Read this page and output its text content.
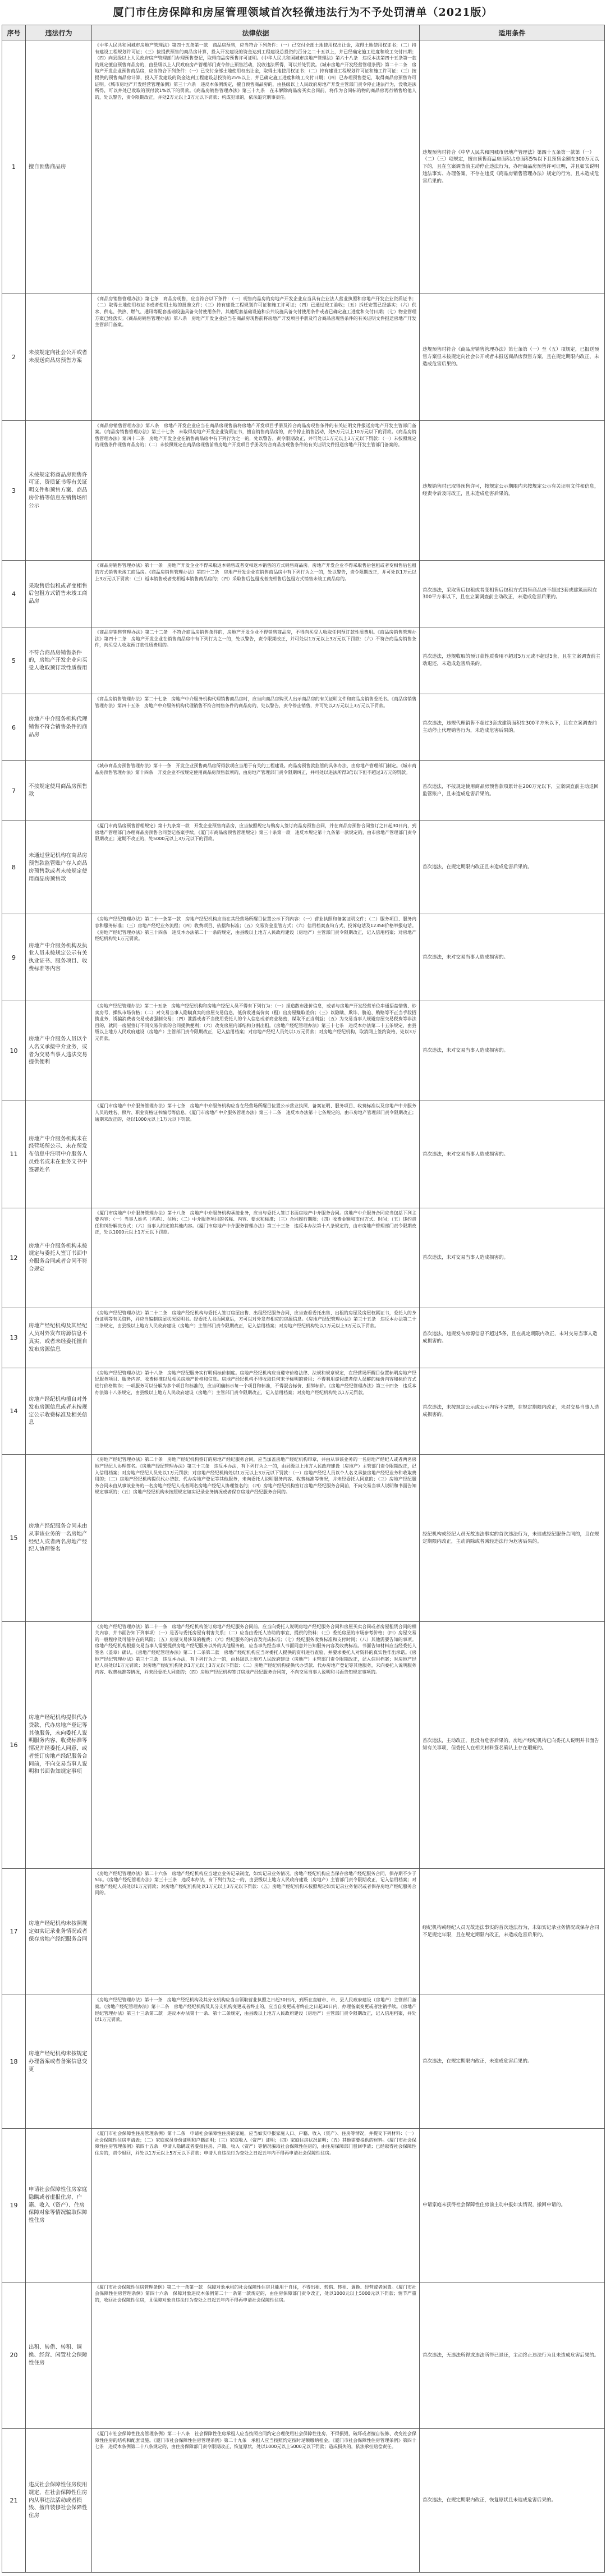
厦门市住房保障和房屋管理领域首次轻微违法行为不予处罚清单（2021版）
序号	违法行为	法律依据	适用条件
1	擅自预售商品房	《中华人民共和国城市房地产管理法》第四十五条第一款　商品房预售，应当符合下列条件：（一）已交付全部土地使用权出让金，取得土地使用权证书；（二）持有建设工程规划许可证；（三）按提供预售的商品房计算，投入开发建设的资金达到工程建设总投资的百分之二十五以上，并已经确定施工进度和竣工交付日期；（四）向县级以上人民政府房产管理部门办理预售登记，取得商品房预售许可证明。《中华人民共和国城市房地产管理法》第六十八条　违反本法第四十五条第一款的规定擅自预售商品房的，由县级以上人民政府房产管理部门责令停止预售活动，没收违法所得，可以并处罚款。《城市房地产开发经营管理条例》第二十二条　房地产开发企业预售商品房，应当符合下列条件：（一）已交付全部土地使用权出让金，取得土地使用权证书；（二）持有建设工程规划许可证和施工许可证；（三）按提供的预售商品房计算，投入开发建设的资金达到工程建设总投资的25%以上，并已确定施工进度和竣工交付日期；（四）已办理预售登记，取得商品房预售许可证明。《城市房地产开发经营管理条例》第三十六条　违反本条例规定，擅自预售商品房的，由县级以上人民政府房地产开发主管部门责令停止违法行为，没收违法所得，可以并处已收取的预付款1%以下的罚款。《商品房销售管理办法》第三十九条　在未解除商品房买卖合同前，将作为合同标的物的商品房再行销售给他人的，处以警告，责令限期改正，并处2万元以上3万元以下罚款；构成犯罪的，依法追究刑事责任。	违规预售时符合《中华人民共和国城市房地产管理法》第四十五条第一款第（一）（二）（三）项规定，擅自预售商品房面积占总面积5%以下且预售金额在300万元以下的，且在立案调查前主动停止违法行为，办理商品房预售许可证明，并且如实说明违法事实、办理备案，不存在违反《商品房销售管理办法》规定的行为，且未造成危害后果的。
2	未按规定向社会公开或者未报送商品房预售方案	《商品房销售管理办法》第七条　商品房现售，应当符合以下条件：（一）现售商品房的房地产开发企业应当具有企业法人营业执照和房地产开发企业资质证书；（二）取得土地使用权证书或者使用土地的批准文件；（三）持有建设工程规划许可证和施工许可证；（四）已通过竣工验收；（五）拆迁安置已经落实；（六）供水、供电、供热、燃气、通讯等配套基础设施具备交付使用条件，其他配套基础设施和公共设施具备交付使用条件或者已确定施工进度和交付日期；（七）物业管理方案已经落实。《商品房销售管理办法》第八条　房地产开发企业应当在商品房现售前将房地产开发项目手册及符合商品房现售条件的有关证明文件报送房地产开发主管部门备案。	违规预售时符合《商品房销售管理办法》第七条第（一）至（五）项规定，已报送预售方案但未按规定向社会公开或者未报送商品房预售方案，且在规定期限内改正，未造成危害后果的。
3	未按规定将商品房预售许可证、资质证书等有关证明文件和预售方案、商品房价格等信息在销售场所公示	《商品房销售管理办法》第八条　房地产开发企业应当在商品房现售前将房地产开发项目手册及符合商品房现售条件的有关证明文件报送房地产开发主管部门备案。《商品房销售管理办法》第三十七条　未取得房地产开发企业资质证书，擅自销售商品房的，责令停止销售活动，处5万元以上10万元以下的罚款。《商品房销售管理办法》第四十二条　房地产开发企业在销售商品房中有下列行为之一的，处以警告，责令限期改正，并可处以1万元以上3万元以下罚款：（一）未按照规定的现售条件现售商品房的；（二）未按照规定在商品房现售前将房地产开发项目手册及符合商品房现售条件的有关证明文件报送房地产开发主管部门备案的。	违规销售时已取得预售许可，按规定公示期限内未按规定公示有关证明文件和信息，经责令后及时改正，且未造成危害后果的。
4	采取售后包租或者变相售后包租方式销售未竣工商品房	《商品房销售管理办法》第十一条　房地产开发企业不得采取返本销售或者变相返本销售的方式销售商品房。房地产开发企业不得采取售后包租或者变相售后包租的方式销售未竣工商品房。《商品房销售管理办法》第四十二条　房地产开发企业在销售商品房中有下列行为之一的，处以警告，责令限期改正，并可处以1万元以上3万元以下罚款：（三）返本销售或者变相返本销售商品房的；（四）采取售后包租或者变相售后包租方式销售未竣工商品房的。	首次违法，采取售后包租或者变相售后包租方式销售商品房不超过3套或建筑面积在300平方米以下，且在立案调查前主动改正，未造成危害后果的。
5	不符合商品房销售条件的，房地产开发企业向买受人收取预订款性质费用	《商品房销售管理办法》第二十二条　不符合商品房销售条件的，房地产开发企业不得销售商品房，不得向买受人收取任何预订款性质费用。《商品房销售管理办法》第四十二条　房地产开发企业在销售商品房中有下列行为之一的，处以警告，责令限期改正，并可处以1万元以上3万元以下罚款：（六）不符合商品房销售条件，向买受人收取预订款性质费用的。	首次违法，违规收取的预订款性质费用不超过5万元或不超过5套，且在立案调查前主动退还，未造成危害后果的。
6	房地产中介服务机构代理销售不符合销售条件的商品房	《商品房销售管理办法》第二十七条　房地产中介服务机构代理销售商品房时，应当向商品房购买人出示商品房的有关证明文件和商品房销售委托书。《商品房销售管理办法》第四十五条　房地产中介服务机构代理销售不符合销售条件的商品房的，处以警告，责令停止销售，并可处以2万元以上3万元以下罚款。	首次违法，违规代理销售不超过3套或建筑面积在300平方米以下，且在立案调查前主动停止代理销售行为，未造成危害后果的。
7	不按规定使用商品房预售款	《城市商品房预售管理办法》第十一条　开发企业预售商品房所得款项应当用于有关的工程建设。商品房预售款监管的具体办法，由房地产管理部门制定。《城市商品房预售管理办法》第十四条　开发企业不按规定使用商品房预售款项的，由房地产管理部门责令限期纠正，并可处以违法所得3倍以下但不超过3万元的罚款。	首次违法，不按规定使用商品房预售款项累计在200万元以下，立案调查前主动退回监管账户，且未造成危害后果的。
8	未通过登记机构在商品房预售款监管账户存入商品房预售款或者未按规定使用商品房预售款	《厦门市商品房预售管理规定》第十九条第一款　开发企业预售商品房，应当按照规定与购房人签订商品房预售合同，并在商品房预售合同签订之日起30日内，到房地产管理部门办理商品房预售合同登记备案手续。《厦门市商品房预售管理规定》第三十条第一款　违反本规定第十九条第一款规定的，由市房地产管理部门责令限期改正；逾期不改正的，处5000元以上3万元以下的罚款。	首次违法，在规定期限内改正且未造成危害后果的。
9	房地产中介服务机构及执业人员未按规定公示有关执业证书、服务项目、收费标准等内容	《房地产经纪管理办法》第二十一条第一款　房地产经纪机构应当在其经营场所醒目位置公示下列内容：（一）营业执照和备案证明文件；（二）服务项目、服务内容和服务标准；（三）房地产经纪业务流程；（四）收费项目、依据和标准；（五）交易资金监管方式；（六）信用档案查询方式、投诉电话及12358价格举报电话。《房地产经纪管理办法》第三十四条　违反本办法第二十一条的规定，由县级以上地方人民政府建设（房地产）主管部门责令限期改正，记入信用档案；对房地产经纪机构处1万元罚款。	首次违法，未对交易当事人造成损害的。
10	房地产中介服务人员以个人名义承接中介业务，或者为交易当事人违法交易提供便利	《房地产经纪管理办法》第二十五条　房地产经纪机构和房地产经纪人员不得有下列行为：（一）捏造散布涨价信息，或者与房地产开发经营单位串通捂盘惜售、炒卖房号，操纵市场价格；（二）对交易当事人隐瞒真实的房屋交易信息，低价收进高价卖（租）出房屋赚取差价；（三）以隐瞒、欺诈、胁迫、贿赂等不正当手段招揽业务，诱骗消费者交易或者强制交易；（四）泄露或者不当使用委托人的个人信息或者商业秘密，谋取不正当利益；（五）为交易当事人规避房屋交易税费等非法目的，就同一房屋签订不同交易价款的合同提供便利；（六）改变房屋内部结构分割出租。《房地产经纪管理办法》第三十七条　违反本办法第二十五条规定，由县级以上地方人民政府建设（房地产）主管部门责令限期改正，记入信用档案；对房地产经纪人员处以1万元罚款；对房地产经纪机构，取消网上签约资格，处以3万元罚款。	首次违法，未对交易当事人造成损害的。
11	房地产中介服务机构未在经营场所公示、未在所发布信息中注明中介服务人员姓名或未在业务文书中签署姓名	《厦门市房地产中介服务管理办法》第十七条　房地产中介服务机构应当在经营场所醒目位置公示营业执照、备案证明、服务项目、收费标准以及房地产中介服务人员的姓名、照片、职业资格证书编号等信息。《厦门市房地产中介服务管理办法》第三十二条　违反本办法第十七条规定的，由市房地产管理部门责令限期改正；逾期未改正的，处以1000元以上1万元以下罚款。	首次违法，未对交易当事人造成损害的。
12	房地产中介服务机构未按规定与委托人签订书面中介服务合同或者合同不符合规定	《厦门市房地产中介服务管理办法》第十八条　房地产中介服务机构承接业务，应当与委托人签订书面房地产中介服务合同。房地产中介服务合同应当包括下列主要内容：（一）当事人姓名（名称）、住所；（二）中介服务项目的名称、内容、要求和标准；（三）合同履行期限；（四）收费金额和支付方式、时间；（五）违约责任和纠纷解决方式；（六）当事人约定的其他内容。《厦门市房地产中介服务管理办法》第三十三条　违反本办法第十八条规定的，由市房地产管理部门责令限期改正，处以1000元以上1万元以下罚款。	首次违法，未对交易当事人造成损害的。
13	房地产经纪机构及其经纪人员对外发布房源信息不真实，或者未经委托擅自发布房源信息	《房地产经纪管理办法》第二十二条　房地产经纪机构与委托人签订房屋出售、出租经纪服务合同，应当查看委托出售、出租的房屋及房屋权属证书，委托人的身份证明等有关资料，并应当编制房屋状况说明书。经委托人书面同意后，方可以对外发布相应的房源信息。《房地产经纪管理办法》第三十五条　违反本办法第二十二条规定，由县级以上地方人民政府建设（房地产）主管部门责令限期改正，记入信用档案；对房地产经纪机构处以1万元以上3万元以下罚款。	首次违法，违规发布房源信息不超过5条，且在规定期限内改正，未对交易当事人造成损害的。
14	房地产经纪机构擅自对外发布房源信息或者未按规定公示收费标准及相关信息	《房地产经纪管理办法》第十八条　房地产经纪服务实行明码标价制度。房地产经纪机构应当遵守价格法律、法规和规章规定，在经营场所醒目位置标明房地产经纪服务项目、服务内容、收费标准以及相关房地产价格和信息。房地产经纪机构不得收取任何未予标明的费用；不得利用虚假或者使人误解的标价内容和标价方式进行价格欺诈；一项服务可以分解为多个项目和标准的，应当明确标示每一个项目和标准，不得混合标价、捆绑标价。《房地产经纪管理办法》第三十四条　违反本办法第十八条规定，由县级以上地方人民政府建设（房地产）主管部门责令限期改正，记入信用档案；对房地产经纪机构处以1万元罚款。	首次违法，未按规定公示或公示内容不完整，在规定期限内改正，未对交易当事人造成损害的。
15	房地产经纪服务合同未由从事该业务的一名房地产经纪人或者两名房地产经纪人协理签名	《房地产经纪管理办法》第二十条　房地产经纪机构签订的房地产经纪服务合同，应当加盖房地产经纪机构印章，并由从事该业务的一名房地产经纪人或者两名房地产经纪人协理签名。《房地产经纪管理办法》第三十三条　违反本办法，有下列行为之一的，由县级以上地方人民政府建设（房地产）主管部门责令限期改正，记入信用档案；对房地产经纪人员处以1万元罚款；对房地产经纪机构处以1万元以上3万元以下罚款：（一）房地产经纪人员以个人名义承接房地产经纪业务和收取费用的；（二）房地产经纪机构提供代办贷款、代办房地产登记等其他服务，未向委托人说明服务内容、收费标准等情况，并未经委托人同意的；（三）房地产经纪服务合同未由从事该业务的一名房地产经纪人或者两名房地产经纪人协理签名的；（四）房地产经纪机构签订房地产经纪服务合同前，不向交易当事人说明和书面告知规定事项的；（五）房地产经纪机构未按照规定如实记录业务情况或者保存房地产经纪服务合同的。	经纪机构或经纪人员无故违法事实的首次违法行为，未造成经纪服务合同的，且在规定期限内改正，主动消除或者减轻违法行为危害后果的。
16	房地产经纪机构提供代办贷款、代办房地产登记等其他服务，未向委托人说明服务内容、收费标准等情况并经委托人同意，或者签订房地产经纪服务合同前，不向交易当事人说明和书面告知规定事项	《房地产经纪管理办法》第二十一条　房地产经纪机构签订房地产经纪服务合同前，应当向委托人说明房地产经纪服务合同和房屋买卖合同或者房屋租赁合同的相关内容，并书面告知下列事项：（一）是否与委托房屋有利害关系；（二）应当由委托人协助的事宜、提供的资料；（三）委托房屋的市场参考价格；（四）房屋交易的一般程序及可能存在的风险；（五）房屋交易涉及的税费；（六）经纪服务的内容及完成标准；（七）经纪服务收费标准和支付时间；（八）其他需要告知的事项。房地产经纪机构根据交易当事人需要提供房地产经纪服务以外的其他服务的，应当事先经当事人书面同意并告知服务内容及收费标准。书面告知材料应当经委托人签名（盖章）确认。《房地产经纪管理办法》第二十二条第二款　房地产经纪机构应当对委托人提供的资料进行查验，并要求委托人对资料的真实性作出承诺。《房地产经纪管理办法》第三十三条　违反本办法，有下列行为之一的，由县级以上地方人民政府建设（房地产）主管部门责令限期改正，记入信用档案；对房地产经纪人员处以1万元罚款；对房地产经纪机构处以1万元以上3万元以下罚款：（二）房地产经纪机构提供代办贷款、代办房地产登记等其他服务，未向委托人说明服务内容、收费标准等情况，并未经委托人同意的；（四）房地产经纪机构签订房地产经纪服务合同前，不向交易当事人说明和书面告知规定事项的。	首次违法，主动改正，且没有危害后果的，房地产经纪机构已向委托人说明并书面告知有关事项，但委托人在相关材料签名确认上存在瑕疵的。
17	房地产经纪机构未按照规定如实记录业务情况或者保存房地产经纪服务合同	《房地产经纪管理办法》第二十六条　房地产经纪机构应当建立业务记录制度，如实记录业务情况。房地产经纪机构应当保存房地产经纪服务合同，保存期不少于5年。《房地产经纪管理办法》第三十三条　违反本办法，有下列行为之一的，由县级以上地方人民政府建设（房地产）主管部门责令限期改正，记入信用档案；对房地产经纪人员处以1万元罚款；对房地产经纪机构处以1万元以上3万元以下罚款：（五）房地产经纪机构未按照规定如实记录业务情况或者保存房地产经纪服务合同的。	经纪机构或经纪人员无故违法事实的首次违法行为，未如实记录业务情况或保存合同不足规定年限，且在规定期限内改正，未造成危害后果的。
18	房地产经纪机构未按规定办理备案或者备案信息变更	《房地产经纪管理办法》第十一条　房地产经纪机构及其分支机构应当自领取营业执照之日起30日内，到所在直辖市、市、县人民政府建设（房地产）主管部门备案。《房地产经纪管理办法》第十二条　房地产经纪机构及其分支机构变更或者终止的，应当自变更或者终止之日起30日内，办理备案变更或者注销手续。《房地产经纪管理办法》第三十三条第二款　违反本办法第十一条、第十二条规定，由县级以上地方人民政府建设（房地产）主管部门责令限期改正，记入信用档案，并处以1万元罚款。	首次违法，在规定期限内改正，未造成危害后果的。
19	申请社会保障性住房家庭隐瞒或者虚报住房、户籍、收入（资产）、住房保障对象等情况骗取保障性住房	《厦门市社会保障性住房管理条例》第十二条　申请社会保障性住房的家庭，应当如实申报家庭人口、户籍、收入（资产）、住房等情况，并提交下列材料：（一）社会保障性住房申请表；（二）家庭成员身份证明和户籍证明；（三）家庭收入（资产）证明；（四）家庭住房状况证明；（五）其他需要提供的材料。《厦门市社会保障性住房管理条例》第四十五条　申请人隐瞒或者虚报住房、户籍、收入（资产）等情况骗取社会保障性住房的，由住房保障部门驳回申请；已经取得社会保障性住房的，责令退回，并处以1万元以上5万元以下罚款；申请人自违法行为查处之日起五年内不得再申请社会保障性住房。	申请家庭未获得社会保障性住房前主动申报如实情况，撤回申请的。
20	出租、转借、转租、调换、经营、闲置社会保障性住房	《厦门市社会保障性住房管理条例》第二十一条第一款　保障对象承租的社会保障性住房只能用于自住，不得出租、转借、转租、调换、经营或者闲置。《厦门市社会保障性住房管理条例》第四十六条　保障对象违反本条例第二十一条第一款规定的，由住房保障部门责令改正，处以1000元以上5000元以下罚款；情节严重的，收回社会保障性住房，且保障对象自违法行为查处之日起五年内不得再申请社会保障性住房。	首次违法，无违法所得或违法所得已退还，主动终止违法行为且未造成危害后果的。
21	违反社会保障性住房使用规定，在社会保障性住房内从事违法活动或者损毁、擅自装修社会保障性住房	《厦门市社会保障性住房管理条例》第二十八条　社会保障性住房承租人应当按照合同约定合理使用社会保障性住房，不得损毁、破坏或者擅自装修、改变社会保障性住房的结构和配套设施。《厦门市社会保障性住房管理条例》第二十九条　承租人应当按照约定按时足额缴纳租金。《厦门市社会保障性住房管理条例》第四十七条　违反本条例第二十八条规定的，由住房保障部门责令限期改正，恢复原状，处以1000元以上5000元以下罚款；造成损失的，依法承担赔偿责任。	首次违法，在规定期限内改正，恢复原状且未造成危害后果的。
